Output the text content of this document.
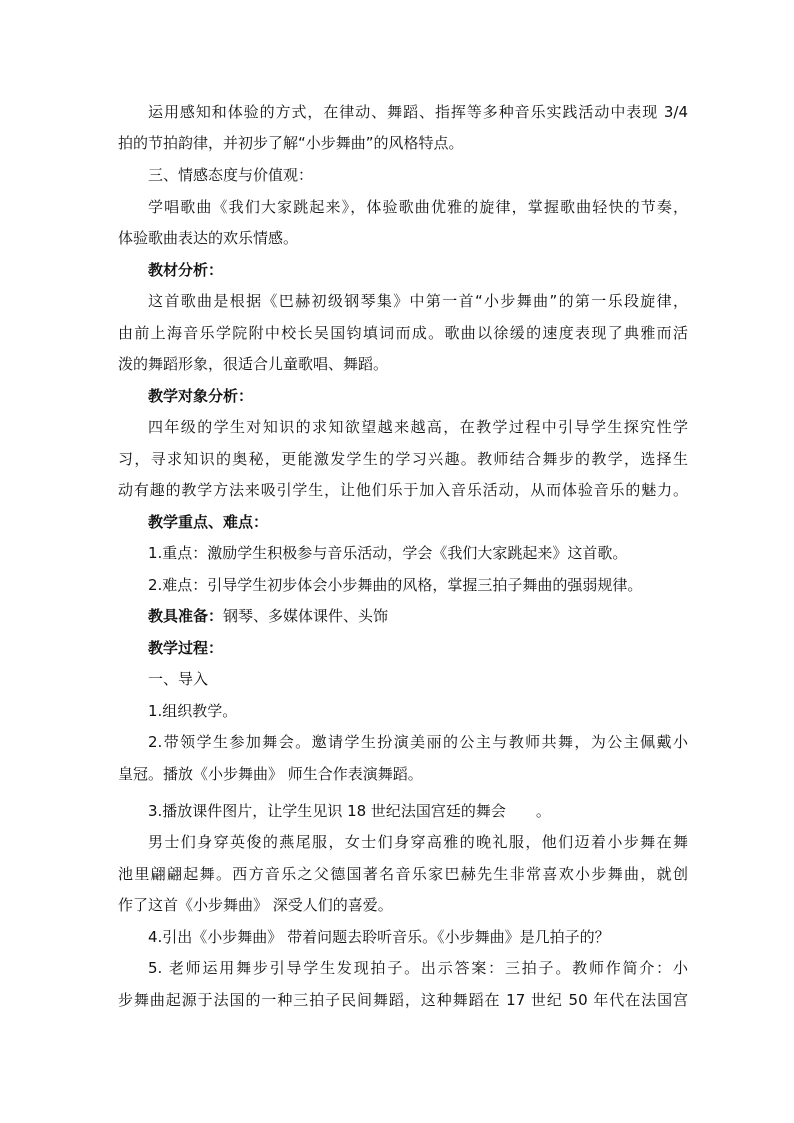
运用感知和体验的方式，在律动、舞蹈、指挥等多种音乐实践活动中表现 3/4
拍的节拍韵律，并初步了解“小步舞曲”的风格特点。
三、情感态度与价值观：
学唱歌曲《我们大家跳起来》，体验歌曲优雅的旋律，掌握歌曲轻快的节奏，
体验歌曲表达的欢乐情感。
教材分析：
这首歌曲是根据《巴赫初级钢琴集》中第一首“小步舞曲”的第一乐段旋律，
由前上海音乐学院附中校长吴国钧填词而成。歌曲以徐缓的速度表现了典雅而活
泼的舞蹈形象，很适合儿童歌唱、舞蹈。
教学对象分析：
四年级的学生对知识的求知欲望越来越高，在教学过程中引导学生探究性学
习，寻求知识的奥秘，更能激发学生的学习兴趣。教师结合舞步的教学，选择生
动有趣的教学方法来吸引学生，让他们乐于加入音乐活动，从而体验音乐的魅力。
教学重点、难点：
1.重点：激励学生积极参与音乐活动，学会《我们大家跳起来》这首歌。
2.难点：引导学生初步体会小步舞曲的风格，掌握三拍子舞曲的强弱规律。
教具准备：钢琴、多媒体课件、头饰
教学过程：
一、导入
1.组织教学。
2.带领学生参加舞会。邀请学生扮演美丽的公主与教师共舞，为公主佩戴小
皇冠。播放《小步舞曲》 师生合作表演舞蹈。
3.播放课件图片，让学生见识 18 世纪法国宫廷的舞会　　。
男士们身穿英俊的燕尾服，女士们身穿高雅的晚礼服，他们迈着小步舞在舞
池里翩翩起舞。西方音乐之父德国著名音乐家巴赫先生非常喜欢小步舞曲，就创
作了这首《小步舞曲》 深受人们的喜爱。
4.引出《小步舞曲》 带着问题去聆听音乐。《小步舞曲》是几拍子的？
5. 老师运用舞步引导学生发现拍子。出示答案：三拍子。教师作简介：小
步舞曲起源于法国的一种三拍子民间舞蹈，这种舞蹈在 17 世纪 50 年代在法国宫
